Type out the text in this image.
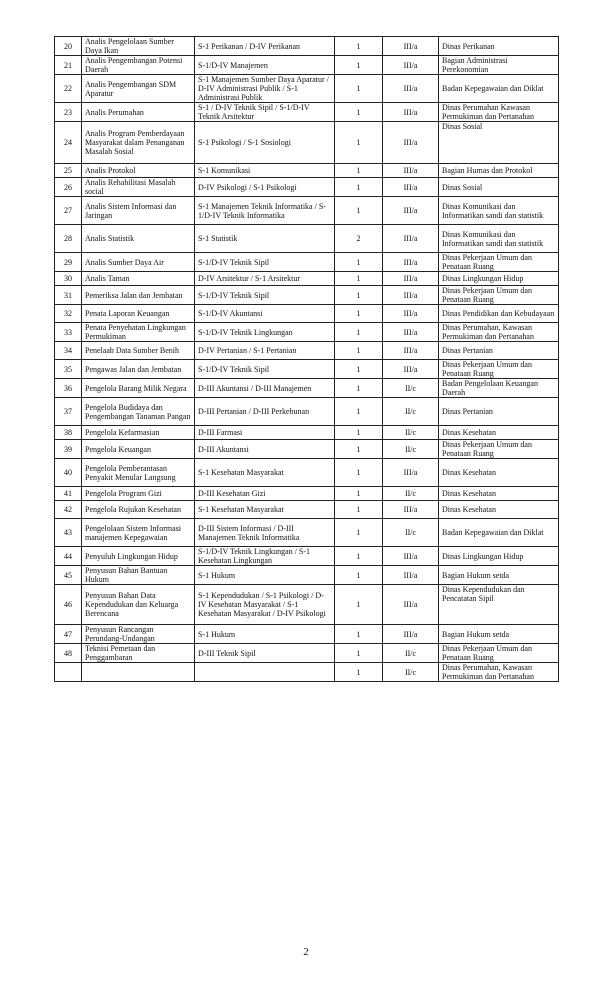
20	Analis Pengelolaan Sumber Daya Ikan	S-1 Perikanan / D-IV Perikanan	1	III/a	Dinas Perikanan
21	Analis Pengembangan Potensi Daerah	S-1/D-IV Manajemen	1	III/a	Bagian Administrasi Perekonomian
22	Analis Pengembangan SDM Aparatur	S-1 Manajemen Sumber Daya Aparatur / D-IV Administrasi Publik / S-1 Administrasi Publik	1	III/a	Badan Kepegawaian dan Diklat
23	Analis Perumahan	S-1 / D-IV Teknik Sipil / S-1/D-IV Teknik Arsitektur	1	III/a	Dinas Perumahan Kawasan Permukiman dan Pertanahan
24	Analis Program Pemberdayaan Masyarakat dalam Penanganan Masalah Sosial	S-1 Psikologi / S-1 Sosiologi	1	III/a	Dinas Sosial
25	Analis Protokol	S-1 Komunikasi	1	III/a	Bagian Humas dan Protokol
26	Analis Rehabilitasi Masalah social	D-IV Psikologi / S-1 Psikologi	1	III/a	Dinas Sosial
27	Analis Sistem Informasi dan Jaringan	S-1 Manajemen Teknik Informatika / S-1/D-IV Teknik Informatika	1	III/a	Dinas Komunikasi dan Informatikan sandi dan statistik
28	Analis Statistik	S-1 Statistik	2	III/a	Dinas Komunikasi dan Informatikan sandi dan statistik
29	Analis Sumber Daya Air	S-1/D-IV Teknik Sipil	1	III/a	Dinas Pekerjaan Umum dan Penataan Ruang
30	Analis Taman	D-IV Arsitektur / S-1 Arsitektur	1	III/a	Dinas Lingkungan Hidup
31	Pemeriksa Jalan dan Jembatan	S-1/D-IV Teknik Sipil	1	III/a	Dinas Pekerjaan Umum dan Penataan Ruang
32	Penata Laporan Keuangan	S-1/D-IV Akuntansi	1	III/a	Dinas Pendidikan dan Kebudayaan
33	Penata Penyehatan Lingkungan Permukiman	S-1/D-IV Teknik Lingkungan	1	III/a	Dinas Perumahan, Kawasan Permukiman dan Pertanahan
34	Penelaah Data Sumber Benih	D-IV Pertanian / S-1 Pertanian	1	III/a	Dinas Pertanian
35	Pengawas Jalan dan Jembatan	S-1/D-IV Teknik Sipil	1	III/a	Dinas Pekerjaan Umum dan Penataan Ruang
36	Pengelola Barang Milik Negara	D-III Akuntansi / D-III Manajemen	1	II/c	Badan Pengelolaan Keuangan Daerah
37	Pengelola Budidaya dan Pengembangan Tanaman Pangan	D-III Pertanian / D-III Perkebunan	1	II/c	Dinas Pertanian
38	Pengelola Kefarmasian	D-III Farmasi	1	II/c	Dinas Kesehatan
39	Pengelola Keuangan	D-III Akuntansi	1	II/c	Dinas Pekerjaan Umum dan Penataan Ruang
40	Pengelola Pemberantasan Penyakit Menular Langsung	S-1 Kesehatan Masyarakat	1	III/a	Dinas Kesehatan
41	Pengelola Program Gizi	D-III Kesehatan Gizi	1	II/c	Dinas Kesehatan
42	Pengelola Rujukan Kesehatan	S-1 Kesehatan Masyarakat	1	III/a	Dinas Kesehatan
43	Pengelolaan Sistem Informasi manajemen Kepegawaian	D-III Sistem Informasi / D-III Manajemen Teknik Informatika	1	II/c	Badan Kepegawaian dan Diklat
44	Penyuluh Lingkungan Hidup	S-1/D-IV Teknik Lingkungan / S-1 Kesehatan Lingkungan	1	III/a	Dinas Lingkungan Hidup
45	Penyusun Bahan Bantuan Hukum	S-1 Hukum	1	III/a	Bagian Hukum setda
46	Penyusun Bahan Data Kependudukan dan Keluarga Berencana	S-1 Kependudukan / S-1 Psikologi / D-IV Kesehatan Masyarakat / S-1 Kesehatan Masyarakat / D-IV Psikologi	1	III/a	Dinas Kependudukan dan Pencatatan Sipil
47	Penyusun Rancangan Perundang-Undangan	S-1 Hukum	1	III/a	Bagian Hukum setda
48	Teknisi Pemetaan dan Penggambaran	D-III Teknik Sipil	1	II/c	Dinas Pekerjaan Umum dan Penataan Ruang
			1	II/c	Dinas Perumahan, Kawasan Permukiman dan Pertanahan
2
